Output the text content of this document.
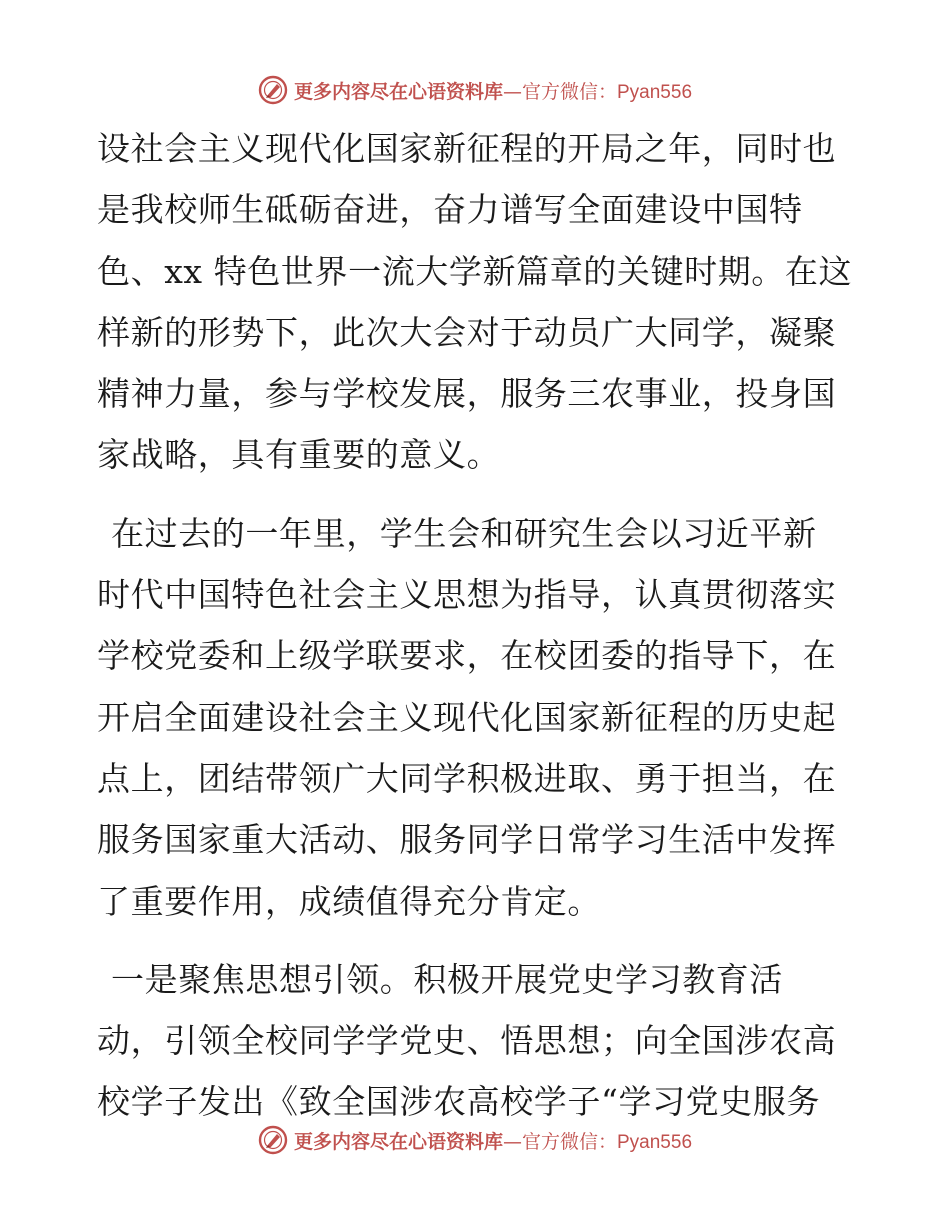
更多内容尽在心语资料库—官方微信：Pyan556

设社会主义现代化国家新征程的开局之年，同时也
是我校师生砥砺奋进，奋力谱写全面建设中国特
色、xx 特色世界一流大学新篇章的关键时期。在这
样新的形势下，此次大会对于动员广大同学，凝聚
精神力量，参与学校发展，服务三农事业，投身国
家战略，具有重要的意义。

在过去的一年里，学生会和研究生会以习近平新
时代中国特色社会主义思想为指导，认真贯彻落实
学校党委和上级学联要求，在校团委的指导下，在
开启全面建设社会主义现代化国家新征程的历史起
点上，团结带领广大同学积极进取、勇于担当，在
服务国家重大活动、服务同学日常学习生活中发挥
了重要作用，成绩值得充分肯定。

一是聚焦思想引领。积极开展党史学习教育活
动，引领全校同学学党史、悟思想；向全国涉农高
校学子发出《致全国涉农高校学子“学习党史服务

更多内容尽在心语资料库—官方微信：Pyan556
